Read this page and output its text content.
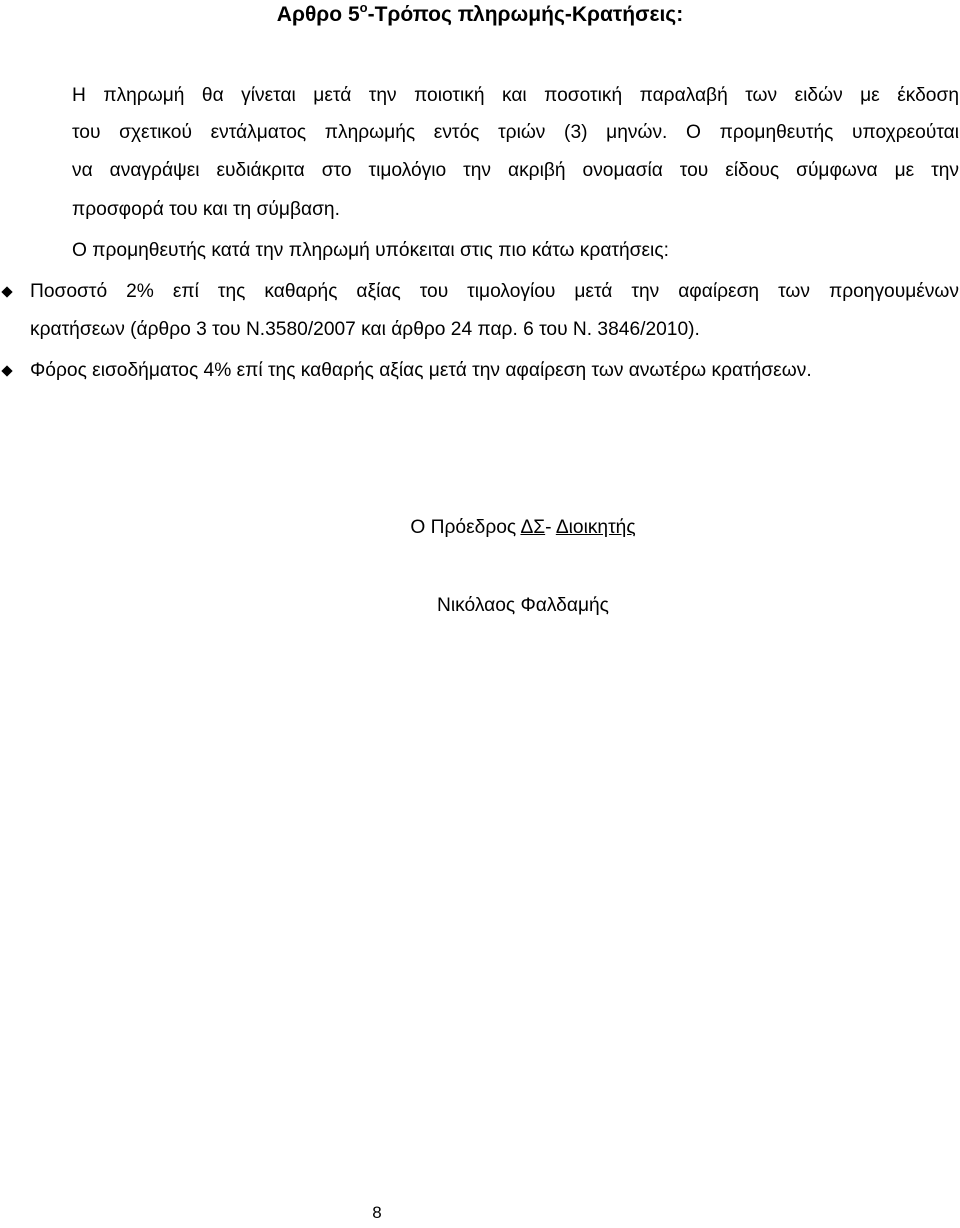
Αρθρο $5^o$-Τρόπος πληρωμής-Κρατήσεις:
Η πληρωμή θα γίνεται μετά την ποιοτική και ποσοτική παραλαβή των ειδών με έκδοση
του σχετικού εντάλματος πληρωμής εντός τριών (3) μηνών. Ο προμηθευτής υποχρεούται
να αναγράψει ευδιάκριτα στο τιμολόγιο την ακριβή ονομασία του είδους σύμφωνα με την
προσφορά του και τη σύμβαση.
Ο προμηθευτής κατά την πληρωμή υπόκειται στις πιο κάτω κρατήσεις:
Ποσοστό 2% επί της καθαρής αξίας του τιμολογίου μετά την αφαίρεση των προηγουμένων
κρατήσεων (άρθρο 3 του Ν.3580/2007 και άρθρο 24 παρ. 6 του Ν. 3846/2010).
Φόρος εισοδήματος 4% επί της καθαρής αξίας μετά την αφαίρεση των ανωτέρω κρατήσεων.
Ο Πρόεδρος ΔΣ- Διοικητής
Νικόλαος Φαλδαμής
8
